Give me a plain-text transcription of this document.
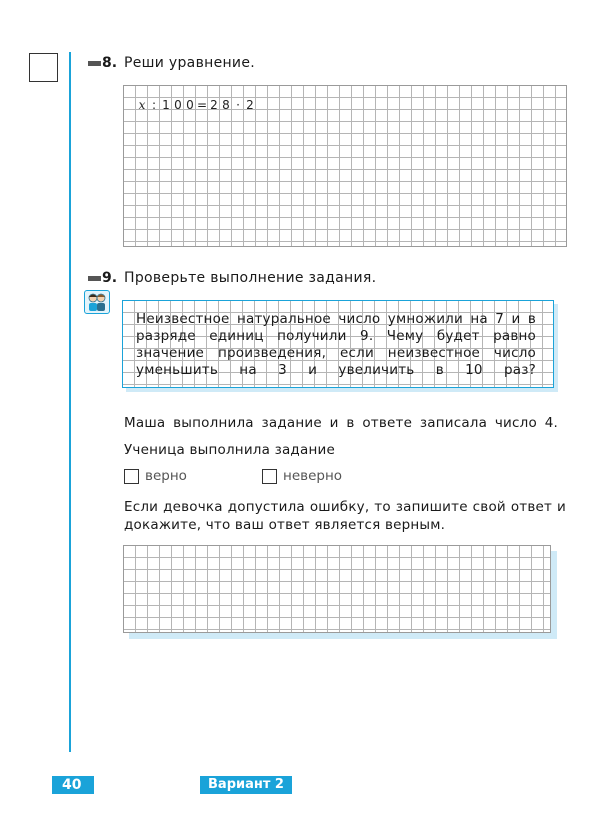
8. Реши уравнение.
x : 1 0 0 = 2 8 · 2
9. Проверьте выполнение задания.
Неизвестное натуральное число умножили на 7 и в разряде единиц получили 9. Чему будет равно значение произведения, если неизвестное число уменьшить на 3 и увеличить в 10 раз?
Маша выполнила задание и в ответе записала число 4.
Ученица выполнила задание
верно	неверно
Если девочка допустила ошибку, то запишите свой ответ и докажите, что ваш ответ является верным.
40	Вариант 2
